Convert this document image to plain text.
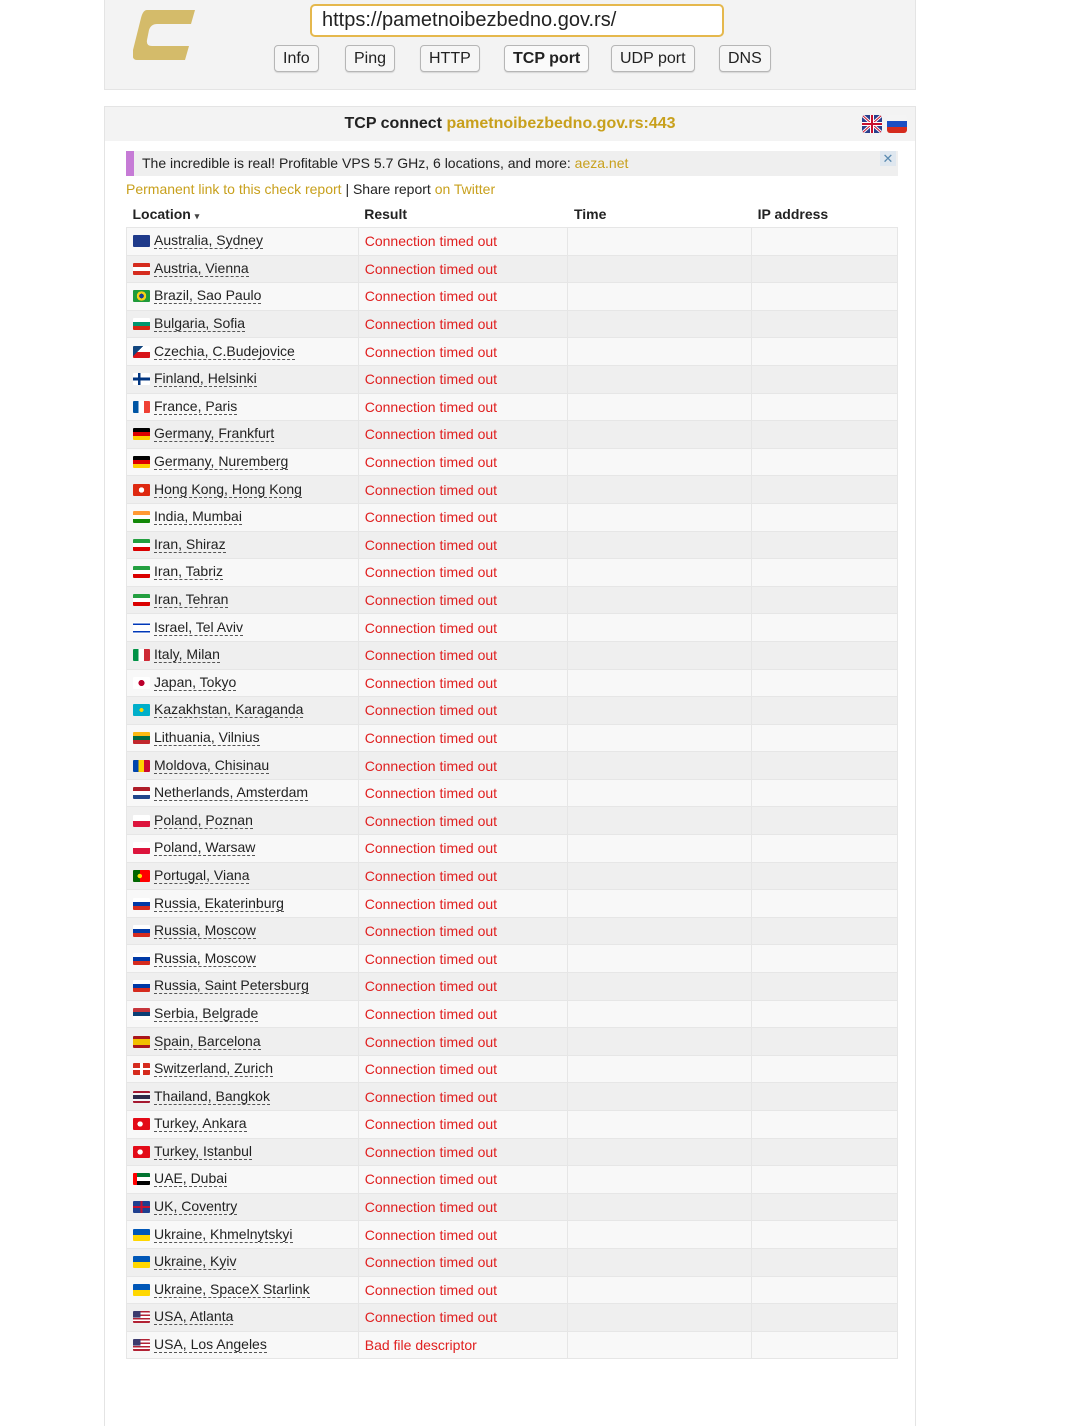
https://pametnoibezbedno.gov.rs/
Info	Ping	HTTP	TCP port	UDP port	DNS
TCP connect pametnoibezbedno.gov.rs:443
The incredible is real! Profitable VPS 5.7 GHz, 6 locations, and more: aeza.net	✕
Permanent link to this check report | Share report on Twitter
Location ▾	Result	Time	IP address

Australia, Sydney	Connection timed out		

Austria, Vienna	Connection timed out		

Brazil, Sao Paulo	Connection timed out		

Bulgaria, Sofia	Connection timed out		

Czechia, C.Budejovice	Connection timed out		

Finland, Helsinki	Connection timed out		

France, Paris	Connection timed out		

Germany, Frankfurt	Connection timed out		

Germany, Nuremberg	Connection timed out		

Hong Kong, Hong Kong	Connection timed out		

India, Mumbai	Connection timed out		

Iran, Shiraz	Connection timed out		

Iran, Tabriz	Connection timed out		

Iran, Tehran	Connection timed out		

Israel, Tel Aviv	Connection timed out		

Italy, Milan	Connection timed out		

Japan, Tokyo	Connection timed out		

Kazakhstan, Karaganda	Connection timed out		

Lithuania, Vilnius	Connection timed out		

Moldova, Chisinau	Connection timed out		

Netherlands, Amsterdam	Connection timed out		

Poland, Poznan	Connection timed out		

Poland, Warsaw	Connection timed out		

Portugal, Viana	Connection timed out		

Russia, Ekaterinburg	Connection timed out		

Russia, Moscow	Connection timed out		

Russia, Moscow	Connection timed out		

Russia, Saint Petersburg	Connection timed out		

Serbia, Belgrade	Connection timed out		

Spain, Barcelona	Connection timed out		

Switzerland, Zurich	Connection timed out		

Thailand, Bangkok	Connection timed out		

Turkey, Ankara	Connection timed out		

Turkey, Istanbul	Connection timed out		

UAE, Dubai	Connection timed out		

UK, Coventry	Connection timed out		

Ukraine, Khmelnytskyi	Connection timed out		

Ukraine, Kyiv	Connection timed out		

Ukraine, SpaceX Starlink	Connection timed out		

USA, Atlanta	Connection timed out		

USA, Los Angeles	Bad file descriptor		
